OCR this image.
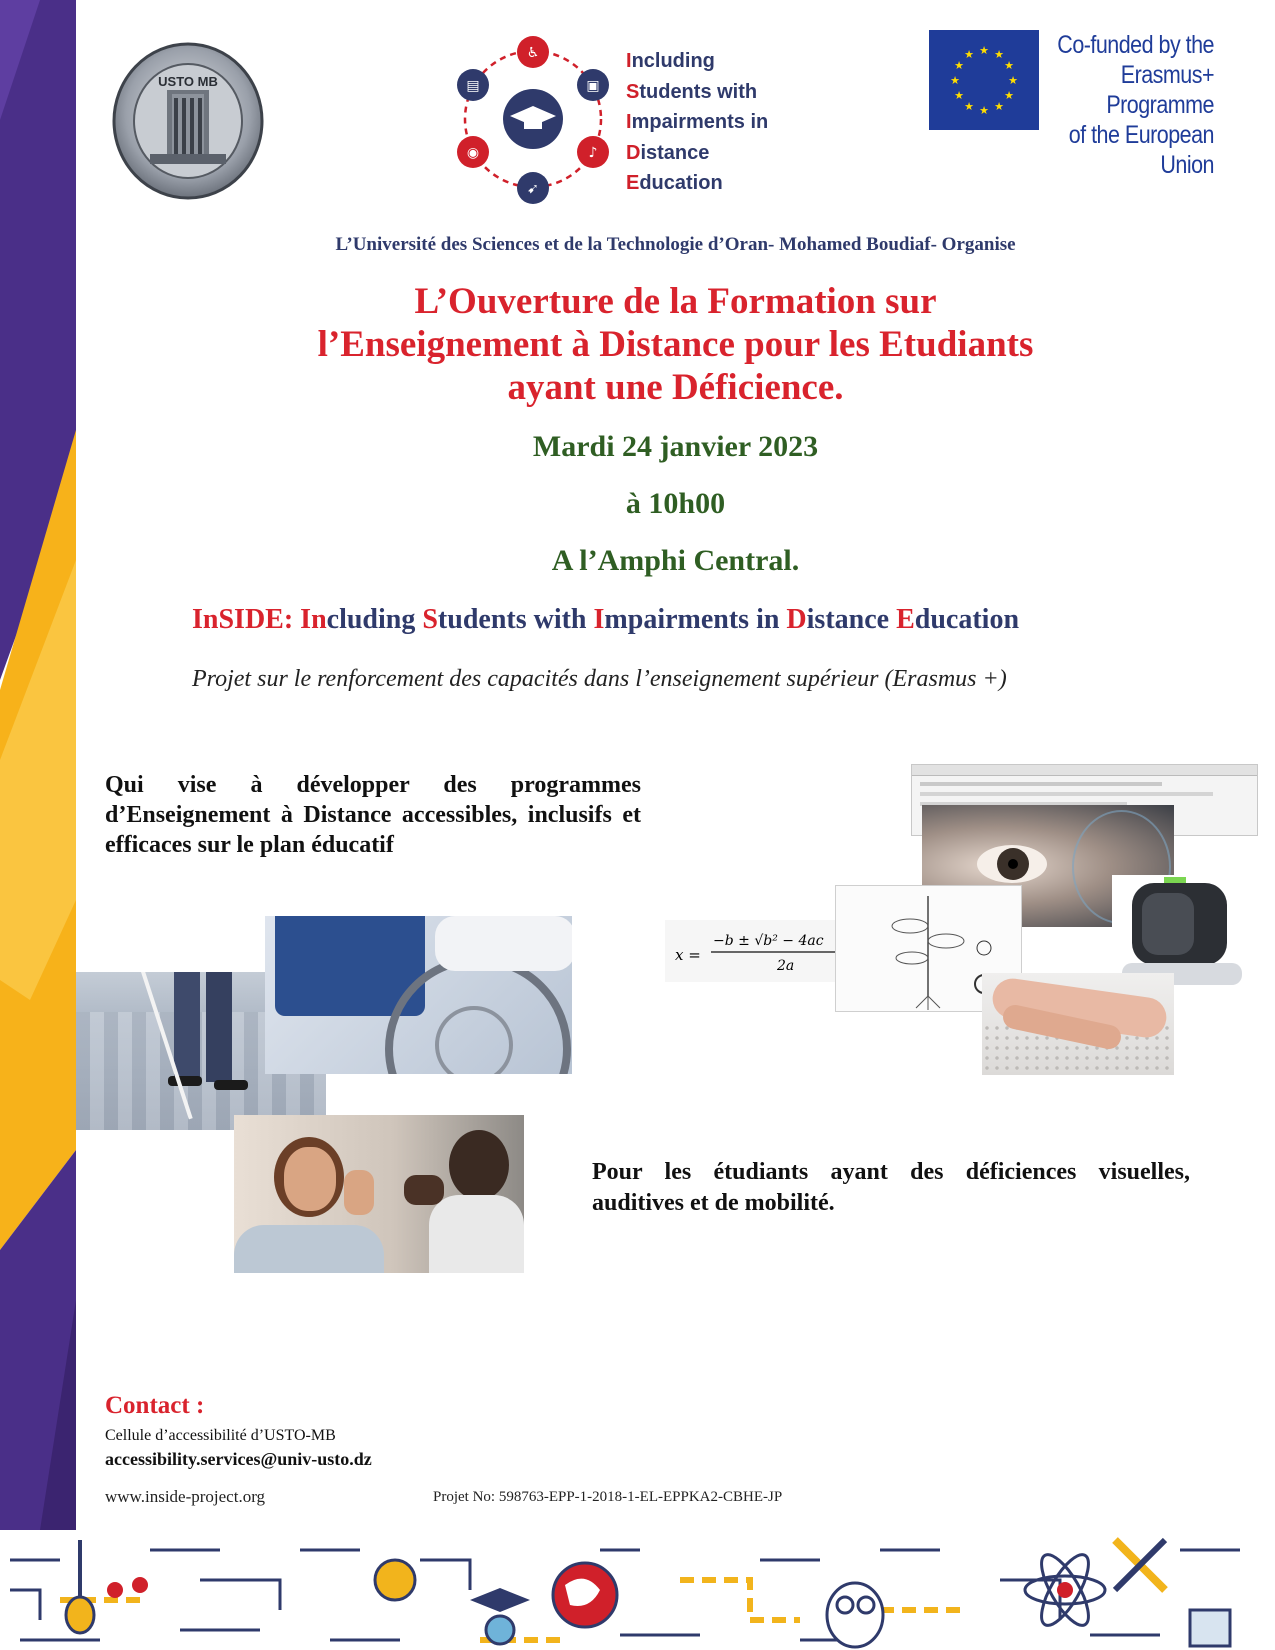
USTO MB
♿
▤	▣
◉	♪
➹
Including
Students with
Impairments in
Distance
Education
★ ★
★
★
★
★
★
★
★
★
★
★	Co-funded by the
Erasmus+ Programme
of the European Union
L’Université des Sciences et de la Technologie d’Oran- Mohamed Boudiaf- Organise
L’Ouverture de la Formation sur
l’Enseignement à Distance pour les Etudiants
ayant une Déficience.
Mardi 24 janvier 2023
à 10h00
A l’Amphi Central.
InSIDE: Including Students with Impairments in Distance Education
Projet sur le renforcement des capacités dans l’enseignement supérieur (Erasmus +)
Qui vise à développer des programmes d’Enseignement à Distance accessibles, inclusifs et efficaces sur le plan éducatif
x =
−b ± √b² − 4ac
2a
Pour les étudiants ayant des déficiences visuelles, auditives et de mobilité.
Contact :
Cellule d’accessibilité d’USTO-MB
accessibility.services@univ-usto.dz
www.inside-project.org	Projet No: 598763-EPP-1-2018-1-EL-EPPKA2-CBHE-JP
